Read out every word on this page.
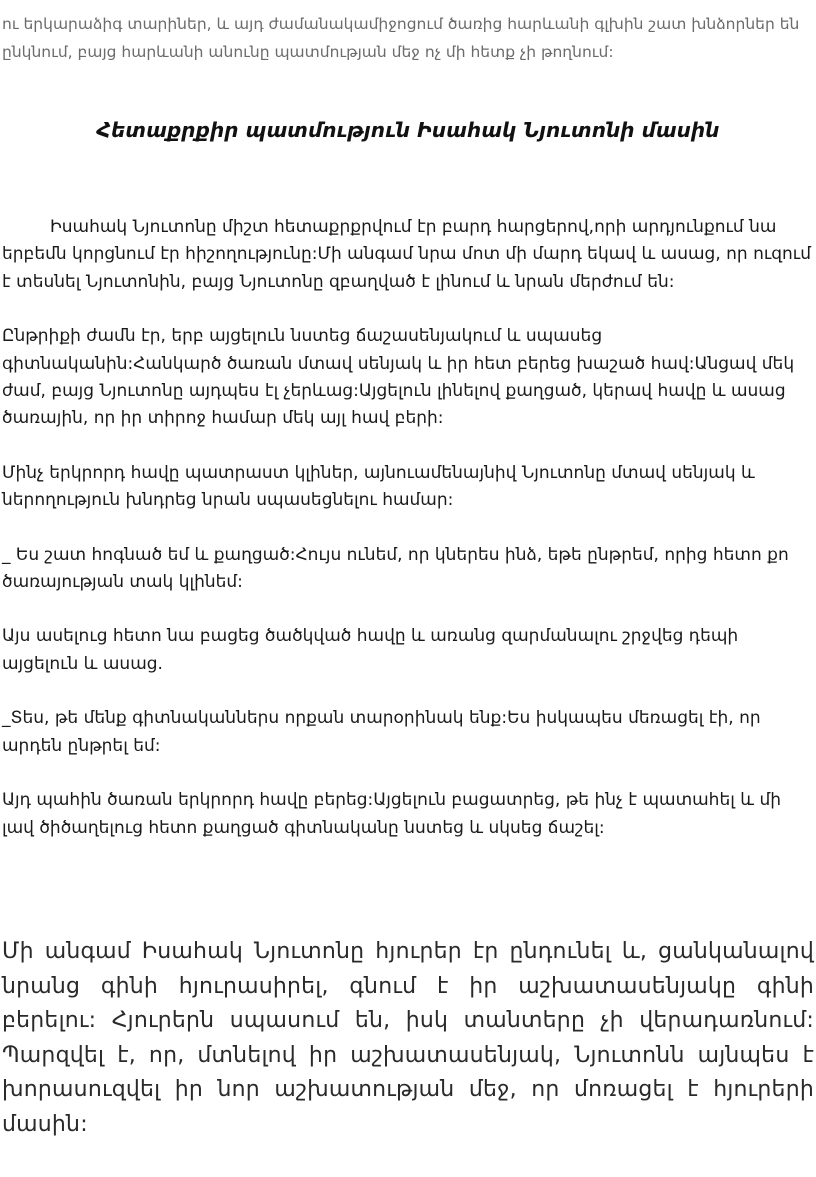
ու երկարաձիգ տարիներ, և այդ ժամանակամիջոցում ծառից հարևանի գլխին շատ խնձորներ են ընկնում, բայց հարևանի անունը պատմության մեջ ոչ մի հետք չի թողնում:

Հետաքրքիր պատմություն Իսահակ Նյուտոնի մասին

Իսահակ Նյուտոնը միշտ հետաքրքրվում էր բարդ հարցերով,որի արդյունքում նա երբեմն կորցնում էր հիշողությունը:Մի անգամ նրա մոտ մի մարդ եկավ և ասաց, որ ուզում է տեսնել Նյուտոնին, բայց Նյուտոնը զբաղված է լինում և նրան մերժում են:

Ընթրիքի ժամն էր, երբ այցելուն նստեց ճաշասենյակում և սպասեց գիտնականին:Հանկարծ ծառան մտավ սենյակ և իր հետ բերեց խաշած հավ:Անցավ մեկ ժամ, բայց Նյուտոնը այդպես էլ չերևաց:Այցելուն լինելով քաղցած, կերավ հավը և ասաց ծառային, որ իր տիրոջ համար մեկ այլ հավ բերի:

Մինչ երկրորդ հավը պատրաստ կլիներ, այնուամենայնիվ Նյուտոնը մտավ սենյակ և ներողություն խնդրեց նրան սպասեցնելու համար:

_ Ես շատ հոգնած եմ և քաղցած:Հույս ունեմ, որ կներես ինձ, եթե ընթրեմ, որից հետո քո ծառայության տակ կլինեմ:

Այս ասելուց հետո նա բացեց ծածկված հավը և առանց զարմանալու շրջվեց դեպի այցելուն և ասաց.

_Տես, թե մենք գիտնականներս որքան տարօրինակ ենք:Ես իսկապես մեռացել էի, որ արդեն ընթրել եմ:

Այդ պահին ծառան երկրորդ հավը բերեց:Այցելուն բացատրեց, թե ինչ է պատահել և մի լավ ծիծաղելուց հետո քաղցած գիտնականը նստեց և սկսեց ճաշել:

Մի անգամ Իսահակ Նյուտոնը հյուրեր էր ընդունել և, ցանկանալով նրանց գինի հյուրասիրել, գնում է իր աշխատասենյակը գինի բերելու: Հյուրերն սպասում են, իսկ տանտերը չի վերադառնում: Պարզվել է, որ, մտնելով իր աշխատասենյակ, Նյուտոնն այնպես է խորասուզվել իր նոր աշխատության մեջ, որ մոռացել է հյուրերի մասին:
